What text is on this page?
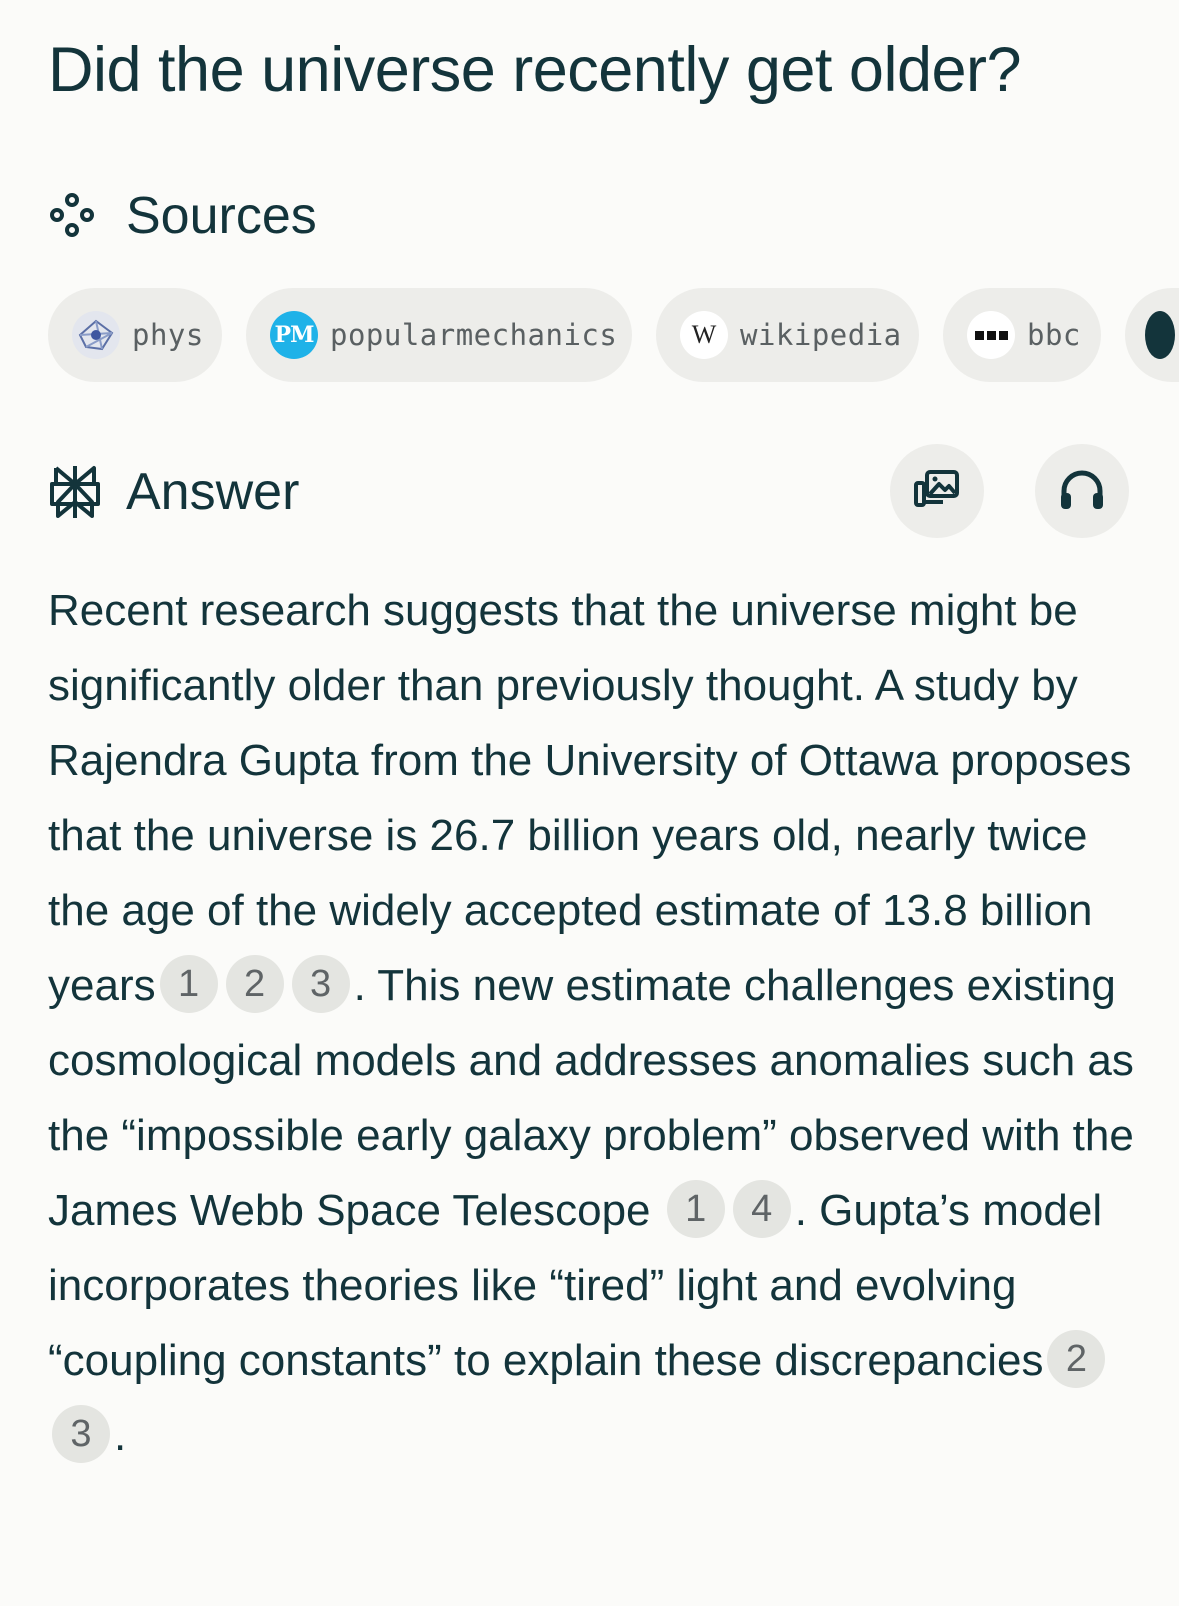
Did the universe recently get older?
Sources
phys	PM popularmechanics	W wikipedia	bbc
Answer

Recent research suggests that the universe might be significantly older than previously thought. A study by Rajendra Gupta from the University of Ottawa proposes that the universe is 26.7 billion years old, nearly twice the age of the widely accepted estimate of 13.8 billion years 1 2 3 . This new estimate challenges existing cosmological models and addresses anomalies such as the “impossible early galaxy problem” observed with the James Webb Space Telescope 1 4 . Gupta’s model incorporates theories like “tired” light and evolving “coupling constants” to explain these discrepancies 23 .
